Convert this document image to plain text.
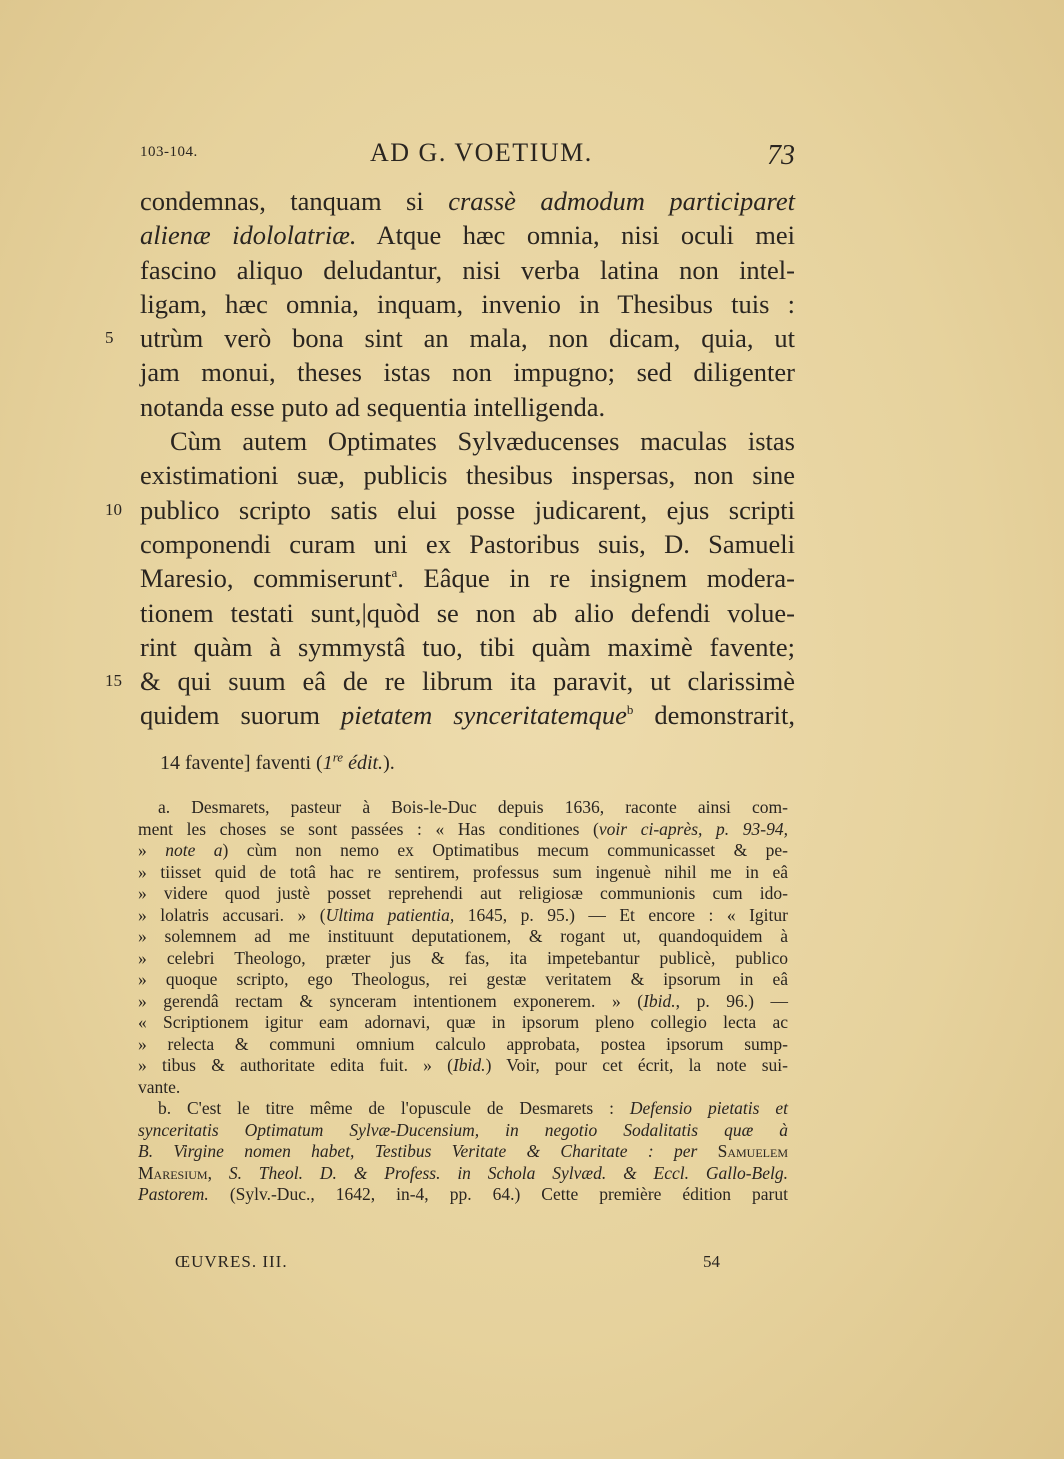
103-104.	AD G. VOETIUM.	73
condemnas, tanquam si crassè admodum participaret
alienæ idololatriæ. Atque hæc omnia, nisi oculi mei
fascino aliquo deludantur, nisi verba latina non intel-
ligam, hæc omnia, inquam, invenio in Thesibus tuis :
5	utrùm verò bona sint an mala, non dicam, quia, ut
jam monui, theses istas non impugno; sed diligenter
notanda esse puto ad sequentia intelligenda.
Cùm autem Optimates Sylvæducenses maculas istas
existimationi suæ, publicis thesibus inspersas, non sine
10 publico scripto satis elui posse judicarent, ejus scripti
componendi curam uni ex Pastoribus suis, D. Samueli
Maresio, commiserunt$^a$. Eâque in re insignem modera-
tionem testati sunt,|quòd se non ab alio defendi volue-
rint quàm à symmystâ tuo, tibi quàm maximè favente;
15 & qui suum eâ de re librum ita paravit, ut clarissimè
quidem suorum pietatem synceritatemque$^b$ demonstrarit,
14 favente] faventi (1re édit.).
a. Desmarets, pasteur à Bois-le-Duc depuis 1636, raconte ainsi com-
ment les choses se sont passées : « Has conditiones (voir ci-après, p. 93-94,
» note a) cùm non nemo ex Optimatibus mecum communicasset & pe-
» tiisset quid de totâ hac re sentirem, professus sum ingenuè nihil me in eâ
» videre quod justè posset reprehendi aut religiosæ communionis cum ido-
» lolatris accusari. » (Ultima patientia, 1645, p. 95.) — Et encore : « Igitur
» solemnem ad me instituunt deputationem, & rogant ut, quandoquidem à
» celebri Theologo, præter jus & fas, ita impetebantur publicè, publico
» quoque scripto, ego Theologus, rei gestæ veritatem & ipsorum in eâ
» gerendâ rectam & synceram intentionem exponerem. » (Ibid., p. 96.) —
« Scriptionem igitur eam adornavi, quæ in ipsorum pleno collegio lecta ac
» relecta & communi omnium calculo approbata, postea ipsorum sump-
» tibus & authoritate edita fuit. » (Ibid.) Voir, pour cet écrit, la note sui-
vante.
b. C'est le titre même de l'opuscule de Desmarets : Defensio pietatis et
synceritatis Optimatum Sylvæ-Ducensium, in negotio Sodalitatis quæ à
B. Virgine nomen habet, Testibus Veritate & Charitate : per Samuelem
Maresium, S. Theol. D. & Profess. in Schola Sylvæd. & Eccl. Gallo-Belg.
Pastorem. (Sylv.-Duc., 1642, in-4, pp. 64.) Cette première édition parut
ŒUVRES. III.	54
